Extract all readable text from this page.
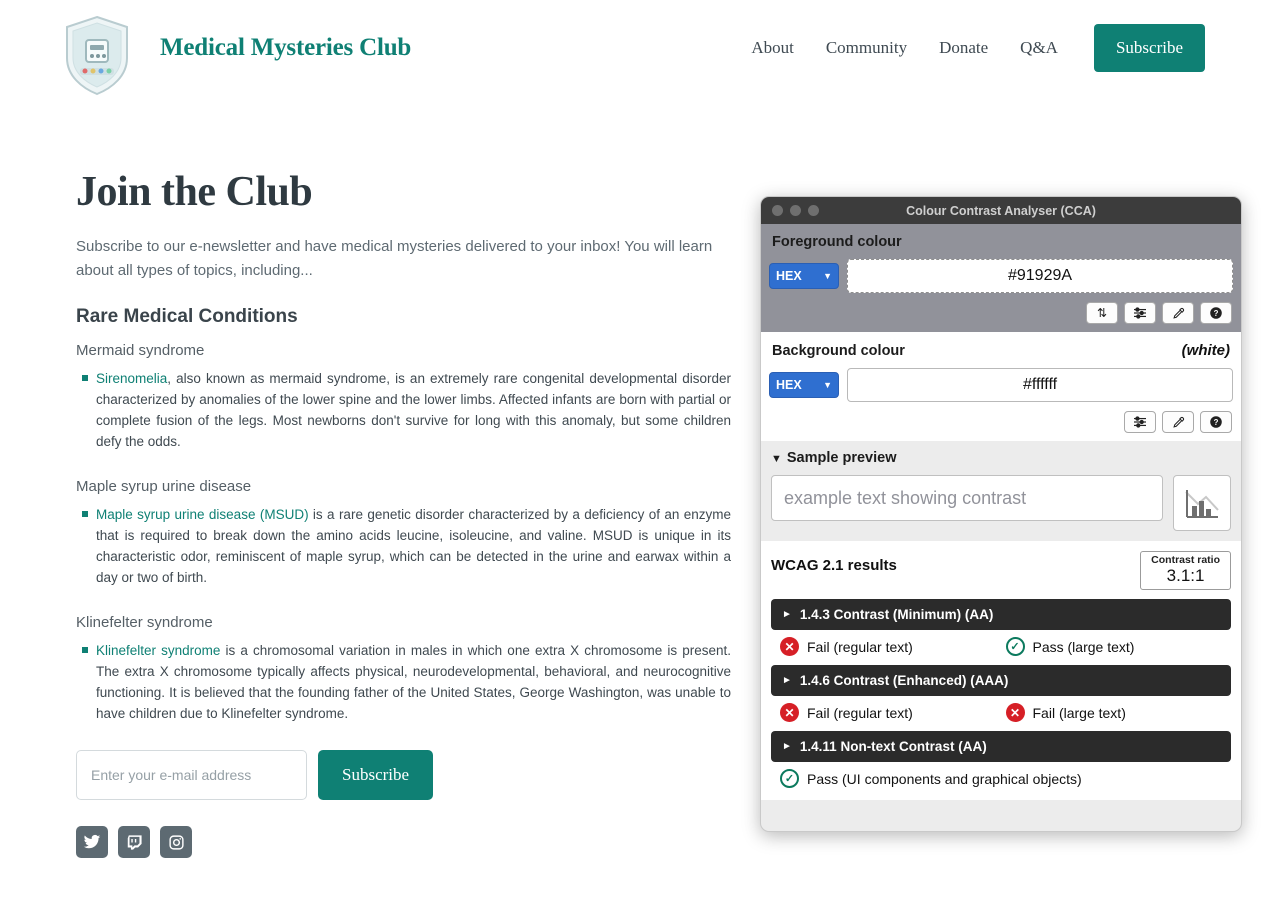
Medical Mysteries Club	About	Community	Donate	Q&A	Subscribe
Join the Club

Subscribe to our e-newsletter and have medical mysteries delivered to your inbox! You will learn about all types of topics, including...

Rare Medical Conditions
Mermaid syndrome
Sirenomelia, also known as mermaid syndrome, is an extremely rare congenital developmental disorder characterized by anomalies of the lower spine and the lower limbs. Affected infants are born with partial or complete fusion of the legs. Most newborns don't survive for long with this anomaly, but some children defy the odds.
Maple syrup urine disease
Maple syrup urine disease (MSUD) is a rare genetic disorder characterized by a deficiency of an enzyme that is required to break down the amino acids leucine, isoleucine, and valine. MSUD is unique in its characteristic odor, reminiscent of maple syrup, which can be detected in the urine and earwax within a day or two of birth.
Klinefelter syndrome
Klinefelter syndrome is a chromosomal variation in males in which one extra X chromosome is present. The extra X chromosome typically affects physical, neurodevelopmental, behavioral, and neurocognitive functioning. It is believed that the founding father of the United States, George Washington, was unable to have children due to Klinefelter syndrome.
Enter your e-mail address
Subscribe
Colour Contrast Analyser (CCA)
Foreground colour
HEX ▼	#91929A
⇅	?
Background colour	(white)
HEX ▼	#ffffff
?
▼ Sample preview
example text showing contrast
WCAG 2.1 results	Contrast ratio
3.1:1
► 1.4.3 Contrast (Minimum) (AA)
✕ Fail (regular text)	✓ Pass (large text)
► 1.4.6 Contrast (Enhanced) (AAA)
✕ Fail (regular text)	✕ Fail (large text)
► 1.4.11 Non-text Contrast (AA)
✓ Pass (UI components and graphical objects)
